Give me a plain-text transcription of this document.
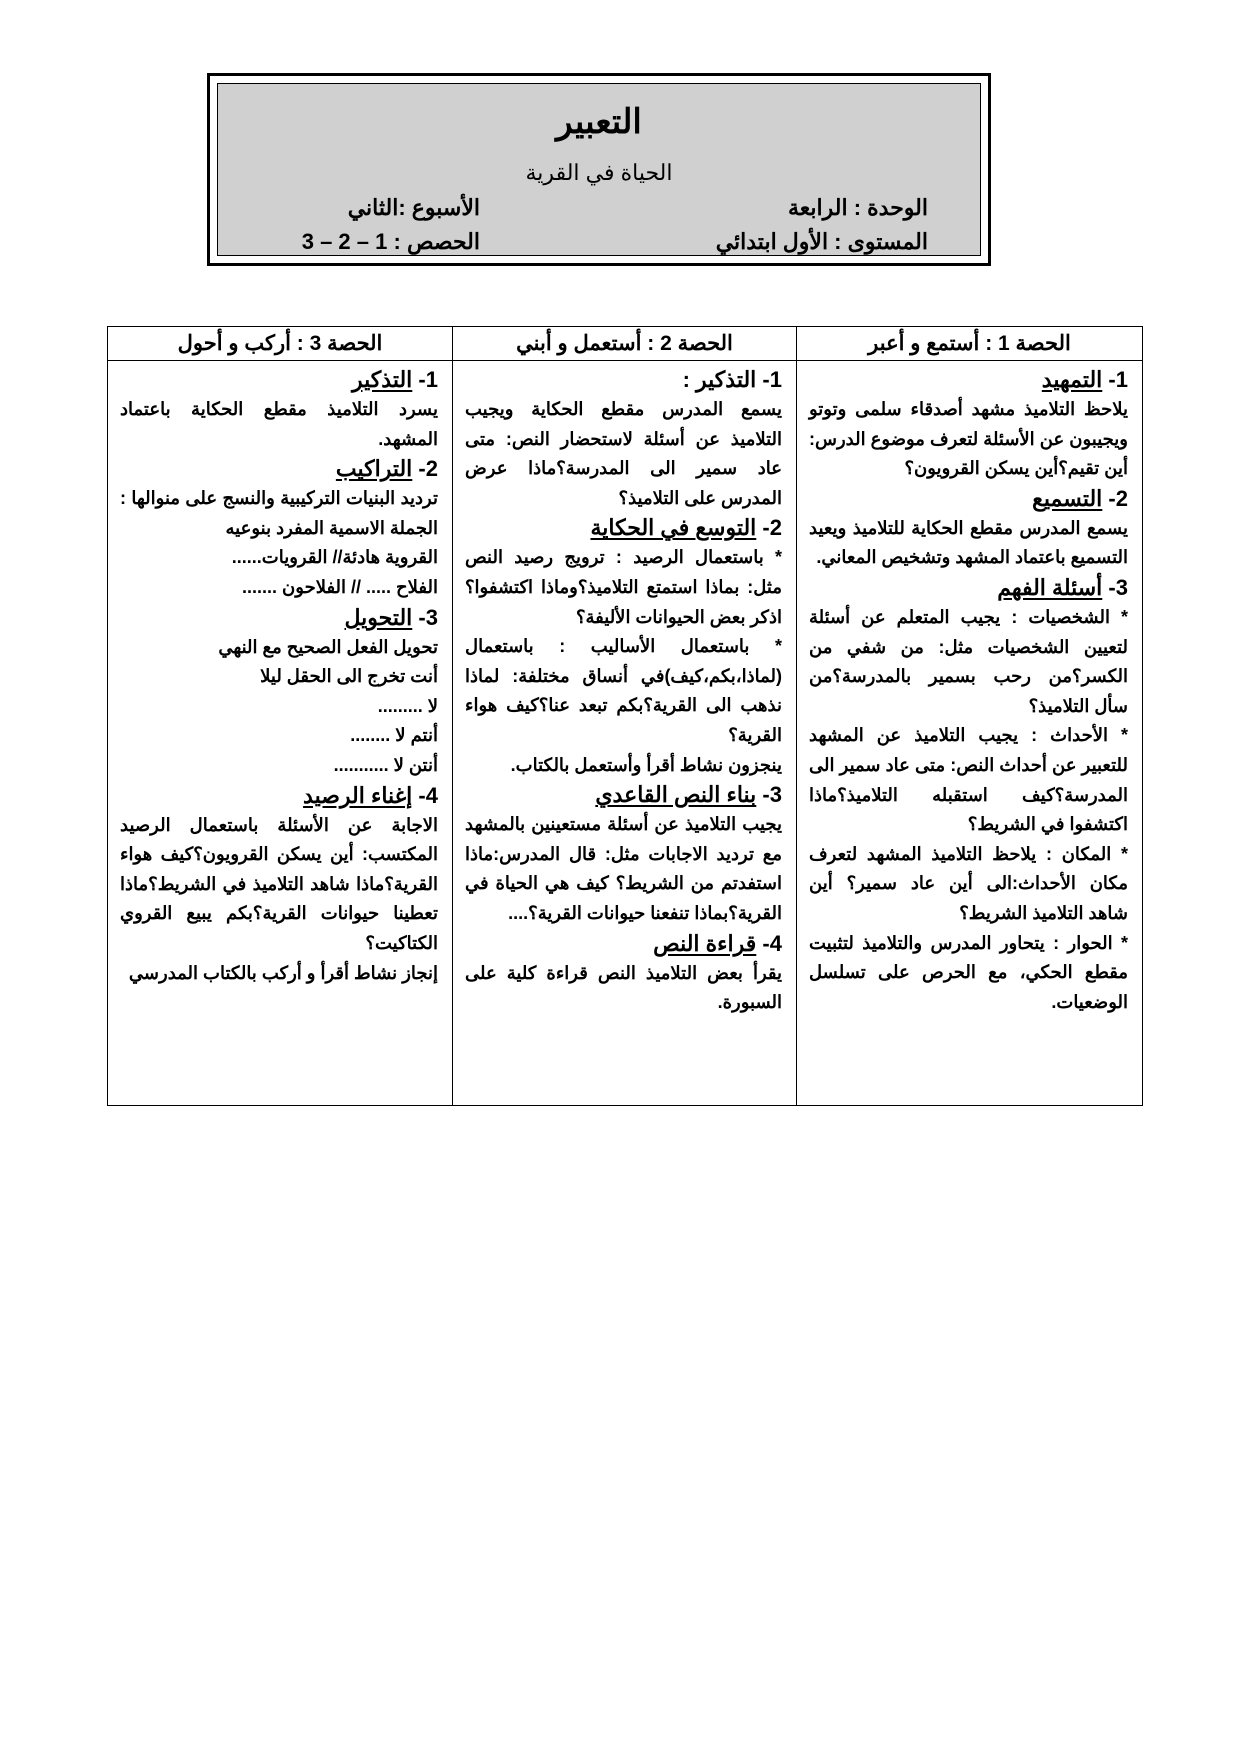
التعبير
الحياة في القرية
الوحدة : الرابعة
الأسبوع :الثاني
المستوى : الأول ابتدائي
الحصص : 1 – 2 – 3
الحصة 1 : أستمع و أعبر
1- التمهيد

يلاحظ التلاميذ مشهد أصدقاء سلمى وتوتو ويجيبون عن الأسئلة لتعرف موضوع الدرس: أين تقيم؟أين يسكن القرويون؟

2- التسميع

يسمع المدرس مقطع الحكاية للتلاميذ ويعيد التسميع باعتماد المشهد وتشخيص المعاني.

3- أسئلة الفهم

* الشخصيات : يجيب المتعلم عن أسئلة لتعيين الشخصيات مثل: من شفي من الكسر؟من رحب بسمير بالمدرسة؟من سأل التلاميذ؟

* الأحداث : يجيب التلاميذ عن المشهد للتعبير عن أحداث النص: متى عاد سمير الى المدرسة؟كيف استقبله التلاميذ؟ماذا اكتشفوا في الشريط؟

* المكان : يلاحظ التلاميذ المشهد لتعرف مكان الأحداث:الى أين عاد سمير؟ أين شاهد التلاميذ الشريط؟

* الحوار : يتحاور المدرس والتلاميذ لتثبيت مقطع الحكي، مع الحرص على تسلسل الوضعيات.

الحصة 2 : أستعمل و أبني
1- التذكير :

يسمع المدرس مقطع الحكاية ويجيب التلاميذ عن أسئلة لاستحضار النص: متى عاد سمير الى المدرسة؟ماذا عرض المدرس على التلاميذ؟

2- التوسع في الحكاية

* باستعمال الرصيد : ترويج رصيد النص مثل: بماذا استمتع التلاميذ؟وماذا اكتشفوا؟اذكر بعض الحيوانات الأليفة؟

* باستعمال الأساليب : باستعمال (لماذا،بكم،كيف)في أنساق مختلفة: لماذا نذهب الى القرية؟بكم تبعد عنا؟كيف هواء القرية؟

ينجزون نشاط أقرأ وأستعمل بالكتاب.

3- بناء النص القاعدي

يجيب التلاميذ عن أسئلة مستعينين بالمشهد مع ترديد الاجابات مثل: قال المدرس:ماذا استفدتم من الشريط؟ كيف هي الحياة في القرية؟بماذا تنفعنا حيوانات القرية؟....

4- قراءة النص

يقرأ بعض التلاميذ النص قراءة كلية على السبورة.

الحصة 3 : أركب و أحول
1- التذكير

يسرد التلاميذ مقطع الحكاية باعتماد المشهد.

2- التراكيب

ترديد البنيات التركيبية والنسج على منوالها : الجملة الاسمية المفرد بنوعيه

القروية هادئة// القرويات......

الفلاح ..... // الفلاحون .......

3- التحويل

تحويل الفعل الصحيح مع النهي

أنت تخرج الى الحقل ليلا

لا .........

أنتم لا ........

أنتن لا ...........

4- إغناء الرصيد

الاجابة عن الأسئلة باستعمال الرصيد المكتسب: أين يسكن القرويون؟كيف هواء القرية؟ماذا شاهد التلاميذ في الشريط؟ماذا تعطينا حيوانات القرية؟بكم يبيع القروي الكتاكيت؟

إنجاز نشاط أقرأ و أركب بالكتاب المدرسي
